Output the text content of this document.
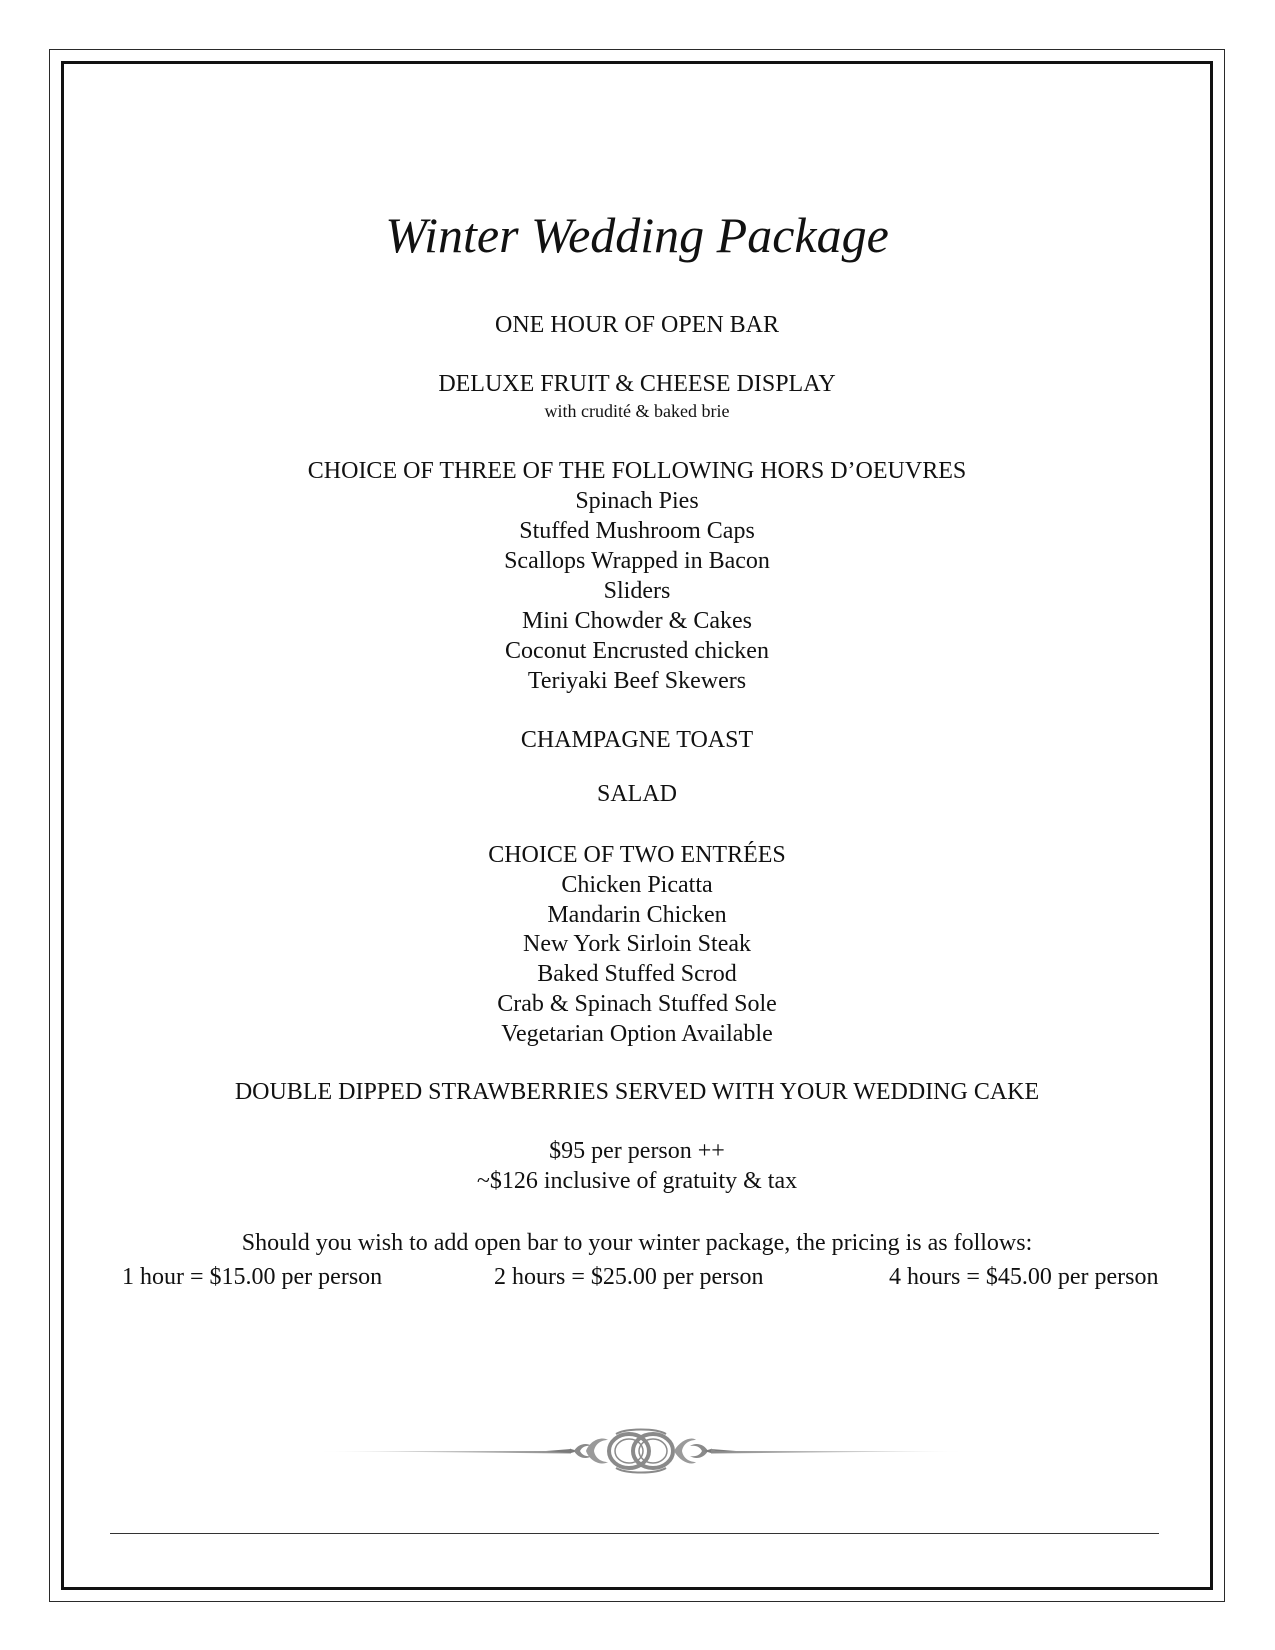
Winter Wedding Package
ONE HOUR OF OPEN BAR
DELUXE FRUIT & CHEESE DISPLAY
with crudité & baked brie
CHOICE OF THREE OF THE FOLLOWING HORS D’OEUVRES
Spinach Pies
Stuffed Mushroom Caps
Scallops Wrapped in Bacon
Sliders
Mini Chowder & Cakes
Coconut Encrusted chicken
Teriyaki Beef Skewers
CHAMPAGNE TOAST
SALAD
CHOICE OF TWO ENTRÉES
Chicken Picatta
Mandarin Chicken
New York Sirloin Steak
Baked Stuffed Scrod
Crab & Spinach Stuffed Sole
Vegetarian Option Available
DOUBLE DIPPED STRAWBERRIES SERVED WITH YOUR WEDDING CAKE
$95 per person ++
~$126 inclusive of gratuity & tax
Should you wish to add open bar to your winter package, the pricing is as follows:
1 hour = $15.00 per person	2 hours = $25.00 per person	4 hours = $45.00 per person
